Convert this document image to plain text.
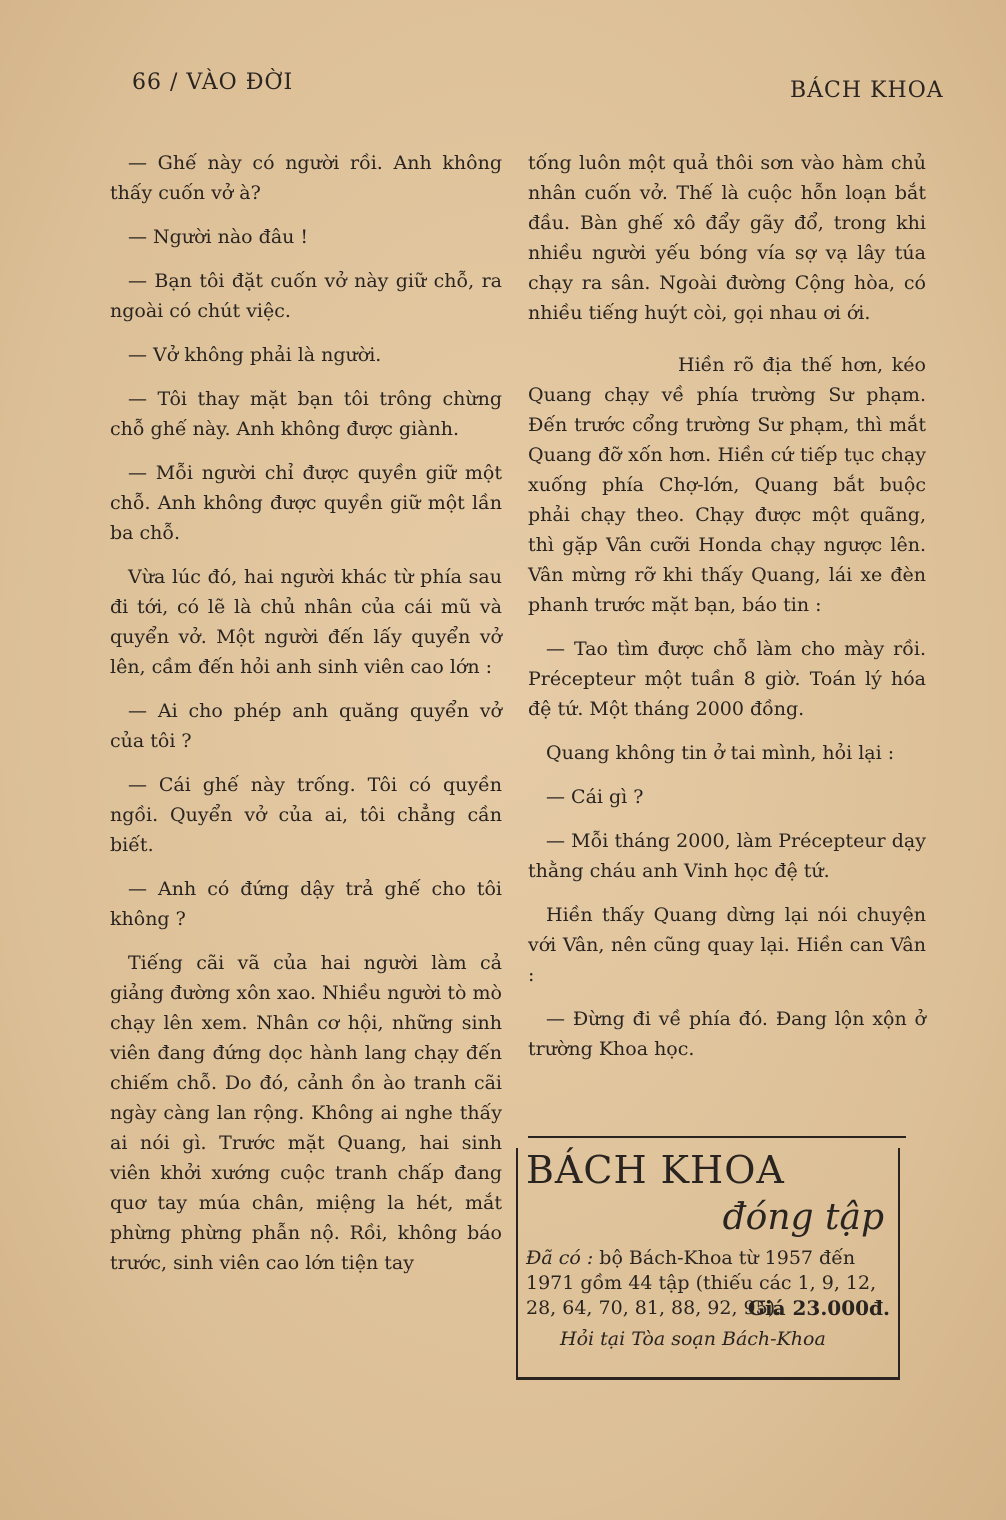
66 / VÀO ĐỜI	BÁCH KHOA

— Ghế này có người rồi. Anh không thấy cuốn vở à?

— Người nào đâu !

— Bạn tôi đặt cuốn vở này giữ chỗ, ra ngoài có chút việc.

— Vở không phải là người.

— Tôi thay mặt bạn tôi trông chừng chỗ ghế này. Anh không được giành.

— Mỗi người chỉ được quyền giữ một chỗ. Anh không được quyền giữ một lần ba chỗ.

Vừa lúc đó, hai người khác từ phía sau đi tới, có lẽ là chủ nhân của cái mũ và quyển vở. Một người đến lấy quyển vở lên, cầm đến hỏi anh sinh viên cao lớn :

— Ai cho phép anh quăng quyển vở của tôi ?

— Cái ghế này trống. Tôi có quyền ngồi. Quyển vở của ai, tôi chẳng cần biết.

— Anh có đứng dậy trả ghế cho tôi không ?

Tiếng cãi vã của hai người làm cả giảng đường xôn xao. Nhiều người tò mò chạy lên xem. Nhân cơ hội, những sinh viên đang đứng dọc hành lang chạy đến chiếm chỗ. Do đó, cảnh ồn ào tranh cãi ngày càng lan rộng. Không ai nghe thấy ai nói gì. Trước mặt Quang, hai sinh viên khởi xướng cuộc tranh chấp đang quơ tay múa chân, miệng la hét, mắt phừng phừng phẫn nộ. Rồi, không báo trước, sinh viên cao lớn tiện tay

tống luôn một quả thôi sơn vào hàm chủ nhân cuốn vở. Thế là cuộc hỗn loạn bắt đầu. Bàn ghế xô đẩy gãy đổ, trong khi nhiều người yếu bóng vía sợ vạ lây túa chạy ra sân. Ngoài đường Cộng hòa, có nhiều tiếng huýt còi, gọi nhau ơi ới.

Hiền rõ địa thế hơn, kéo Quang chạy về phía trường Sư phạm. Đến trước cổng trường Sư phạm, thì mắt Quang đỡ xốn hơn. Hiền cứ tiếp tục chạy xuống phía Chợ-lớn, Quang bắt buộc phải chạy theo. Chạy được một quãng, thì gặp Vân cưỡi Honda chạy ngược lên. Vân mừng rỡ khi thấy Quang, lái xe đèn phanh trước mặt bạn, báo tin :

— Tao tìm được chỗ làm cho mày rồi. Précepteur một tuần 8 giờ. Toán lý hóa đệ tứ. Một tháng 2000 đồng.

Quang không tin ở tai mình, hỏi lại :

— Cái gì ?

— Mỗi tháng 2000, làm Précepteur dạy thằng cháu anh Vinh học đệ tứ.

Hiền thấy Quang dừng lại nói chuyện với Vân, nên cũng quay lại. Hiền can Vân :

— Đừng đi về phía đó. Đang lộn xộn ở trường Khoa học.

BÁCH KHOA
đóng tập
Đã có : bộ Bách-Khoa từ 1957 đến 1971 gồm 44 tập (thiếu các 1, 9, 12, 28, 64, 70, 81, 88, 92, 95).
Giá 23.000đ.
Hỏi tại Tòa soạn Bách-Khoa
